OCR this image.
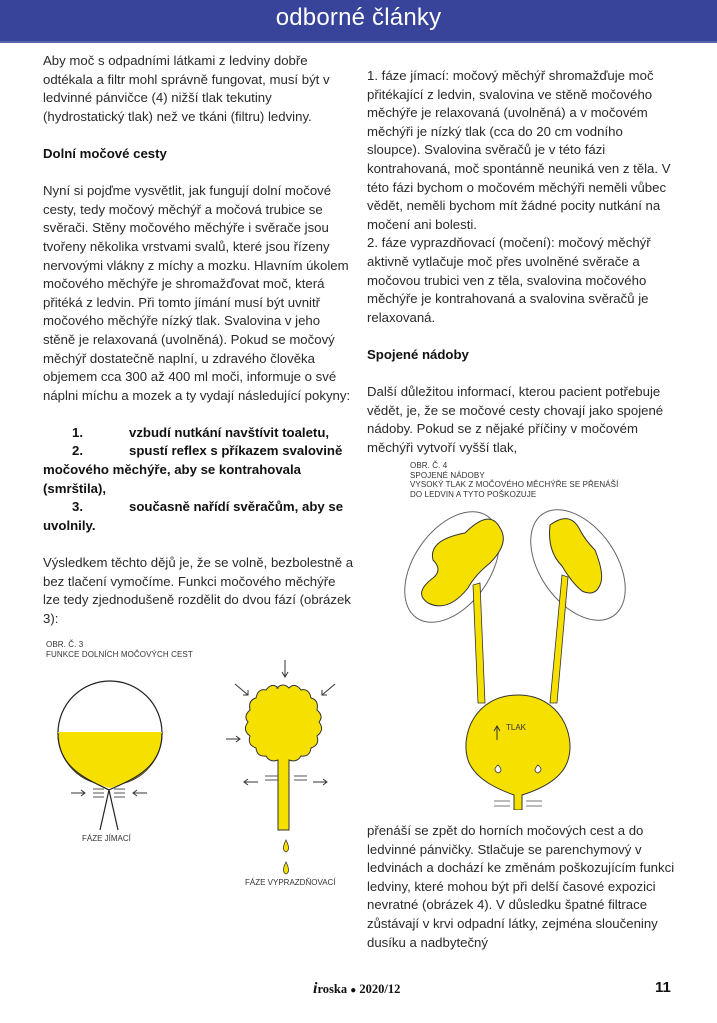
odborné články

Aby moč s odpadními látkami z ledviny dobře odtékala a filtr mohl správně fungovat, musí být v ledvinné pánvičce (4) nižší tlak tekutiny (hydrostatický tlak) než ve tkáni (filtru) ledviny.

Dolní močové cesty

Nyní si pojďme vysvětlit, jak fungují dolní močové cesty, tedy močový měchýř a močová trubice se svěrači. Stěny močového měchýře i svěrače jsou tvořeny několika vrstvami svalů, které jsou řízeny nervovými vlákny z míchy a mozku. Hlavním úkolem močového měchýře je shromažďovat moč, která přitéká z ledvin. Při tomto jímání musí být uvnitř močového měchýře nízký tlak. Svalovina v jeho stěně je relaxovaná (uvolněná). Pokud se močový měchýř dostatečně naplní, u zdravého člověka objemem cca 300 až 400 ml moči, informuje o své náplni míchu a mozek a ty vydají následující pokyny:

1.	vzbudí nutkání navštívit toaletu,
2.	spustí reflex s příkazem svalovině močového měchýře, aby se kontrahovala (smrštila),
3.	současně nařídí svěračům, aby se uvolnily.

Výsledkem těchto dějů je, že se volně, bezbolestně a bez tlačení vymočíme. Funkci močového měchýře lze tedy zjednodušeně rozdělit do dvou fází (obrázek 3):

OBR. Č. 3
FUNKCE DOLNÍCH MOČOVÝCH CEST
FÁZE JÍMACÍ
FÁZE VYPRAZDŇOVACÍ

1. fáze jímací: močový měchýř shromažďuje moč přitékající z ledvin, svalovina ve stěně močového měchýře je relaxovaná (uvolněná) a v močovém měchýři je nízký tlak (cca do 20 cm vodního sloupce). Svalovina svěračů je v této fázi kontrahovaná, moč spontánně neuniká ven z těla. V této fázi bychom o močovém měchýři neměli vůbec vědět, neměli bychom mít žádné pocity nutkání na močení ani bolesti.

2. fáze vyprazdňovací (močení): močový měchýř aktivně vytlačuje moč přes uvolněné svěrače a močovou trubici ven z těla, svalovina močového měchýře je kontrahovaná a svalovina svěračů je relaxovaná.

Spojené nádoby

Další důležitou informací, kterou pacient potřebuje vědět, je, že se močové cesty chovají jako spojené nádoby. Pokud se z nějaké příčiny v močovém měchýři vytvoří vyšší tlak,

OBR. Č. 4
SPOJENÉ NÁDOBY
VYSOKÝ TLAK Z MOČOVÉHO MĚCHÝŘE SE PŘENÁŠÍ
DO LEDVIN A TYTO POŠKOZUJE
TLAK

přenáší se zpět do horních močových cest a do ledvinné pánvičky. Stlačuje se parenchymový v ledvinách a dochází ke změnám poškozujícím funkci ledviny, které mohou být při delší časové expozici nevratné (obrázek 4). V důsledku špatné filtrace zůstávají v krvi odpadní látky, zejména sloučeniny dusíku a nadbytečný

iroska ● 2020/12	11
